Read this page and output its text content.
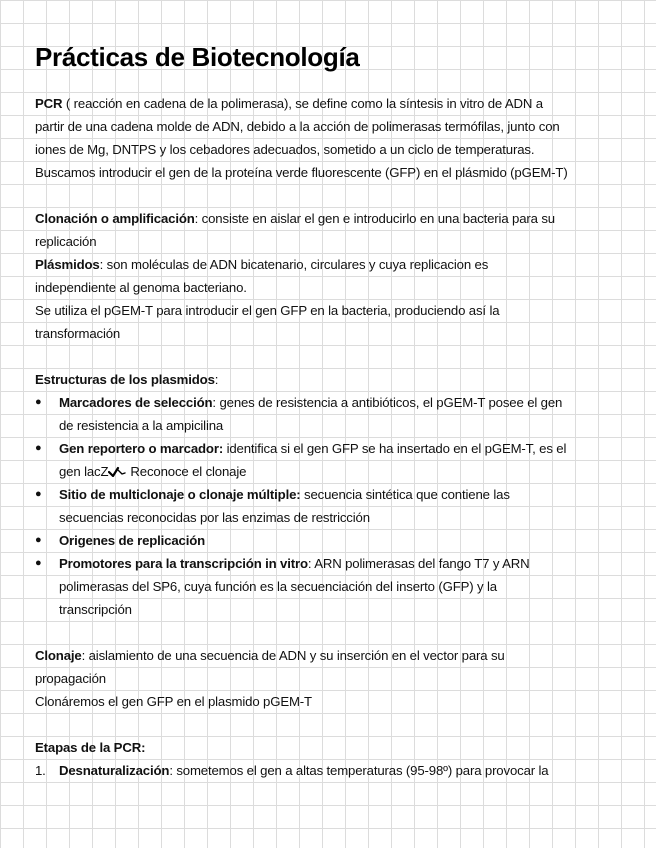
Prácticas de Biotecnología

PCR ( reacción en cadena de la polimerasa), se define como la síntesis in vitro de ADN a

partir de una cadena molde de ADN, debido a la acción de polimerasas termófilas, junto con

iones de Mg, DNTPS y los cebadores adecuados, sometido a un ciclo de temperaturas.

Buscamos introducir el gen de la proteína verde fluorescente (GFP) en el plásmido (pGEM-T)

Clonación o amplificación: consiste en aislar el gen e introducirlo en una bacteria para su

replicación

Plásmidos: son moléculas de ADN bicatenario, circulares y cuya replicacion es

independiente al genoma bacteriano.

Se utiliza el pGEM-T para introducir el gen GFP en la bacteria, produciendo así la

transformación

Estructuras de los plasmidos:

●	Marcadores de selección: genes de resistencia a antibióticos, el pGEM-T posee el gen
de resistencia a la ampicilina
●	Gen reportero o marcador: identifica si el gen GFP se ha insertado en el pGEM-T, es el
gen lacZ Reconoce el clonaje
●	Sitio de multiclonaje o clonaje múltiple: secuencia sintética que contiene las
secuencias reconocidas por las enzimas de restricción
●	Origenes de replicación
●	Promotores para la transcripción in vitro: ARN polimerasas del fango T7 y ARN
polimerasas del SP6, cuya función es la secuenciación del inserto (GFP) y la
transcripción

Clonaje: aislamiento de una secuencia de ADN y su inserción en el vector para su

propagación

Clonáremos el gen GFP en el plasmido pGEM-T

Etapas de la PCR:

1.	Desnaturalización: sometemos el gen a altas temperaturas (95-98º) para provocar la
